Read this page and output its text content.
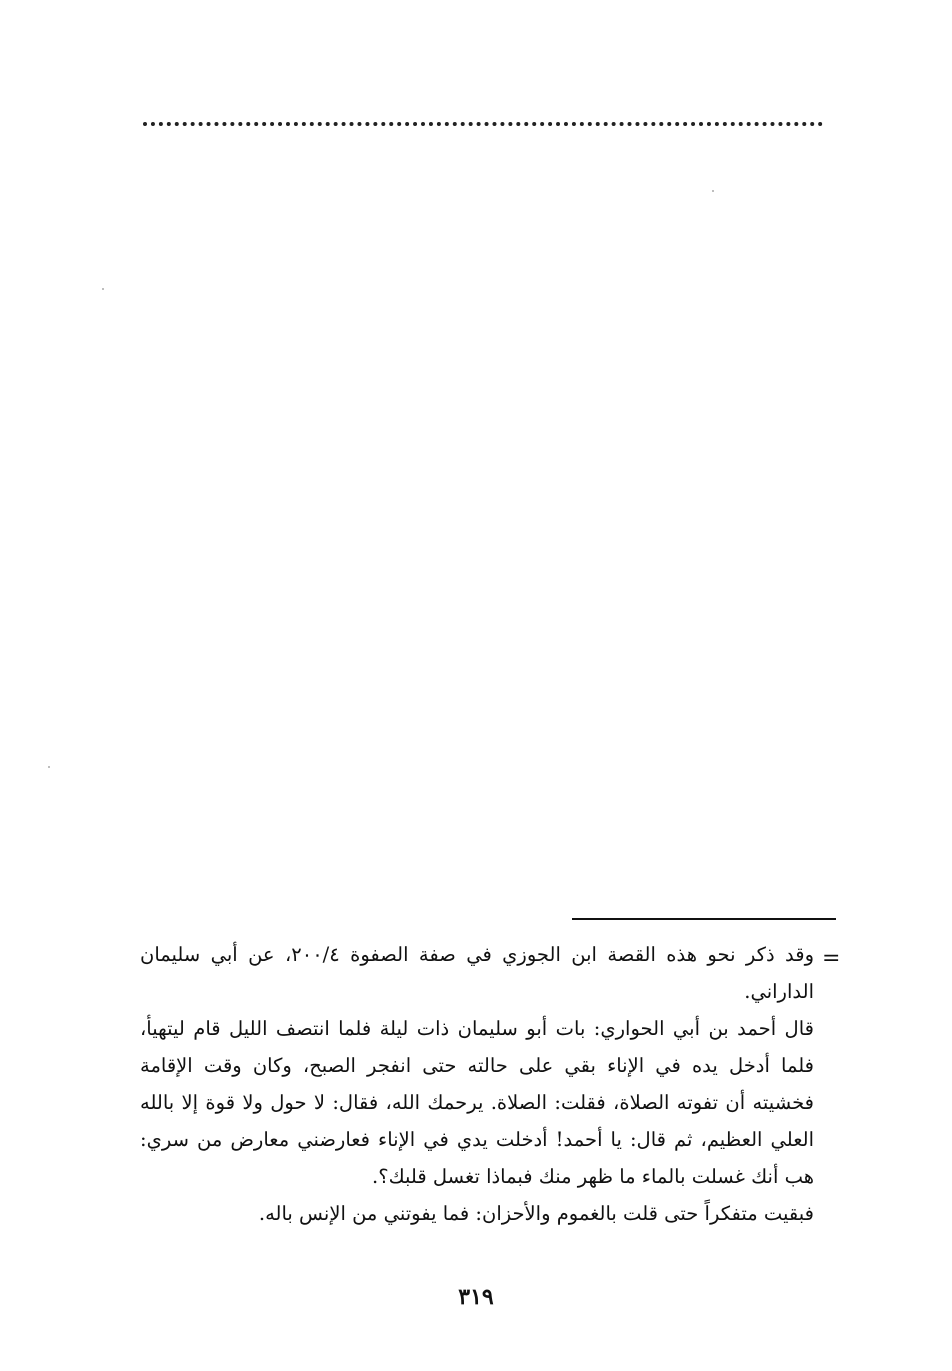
=

وقد ذكر نحو هذه القصة ابن الجوزي في صفة الصفوة ٢٠٠/٤، عن أبي سليمان الداراني.

قال أحمد بن أبي الحواري: بات أبو سليمان ذات ليلة فلما انتصف الليل قام ليتهيأ، فلما أدخل يده في الإناء بقي على حالته حتى انفجر الصبح، وكان وقت الإقامة فخشيته أن تفوته الصلاة، فقلت: الصلاة. يرحمك الله، فقال: لا حول ولا قوة إلا بالله العلي العظيم، ثم قال: يا أحمد! أدخلت يدي في الإناء فعارضني معارض من سري: هب أنك غسلت بالماء ما ظهر منك فبماذا تغسل قلبك؟.

فبقيت متفكراً حتى قلت بالغموم والأحزان: فما يفوتني من الإنس باله.

٣١٩
